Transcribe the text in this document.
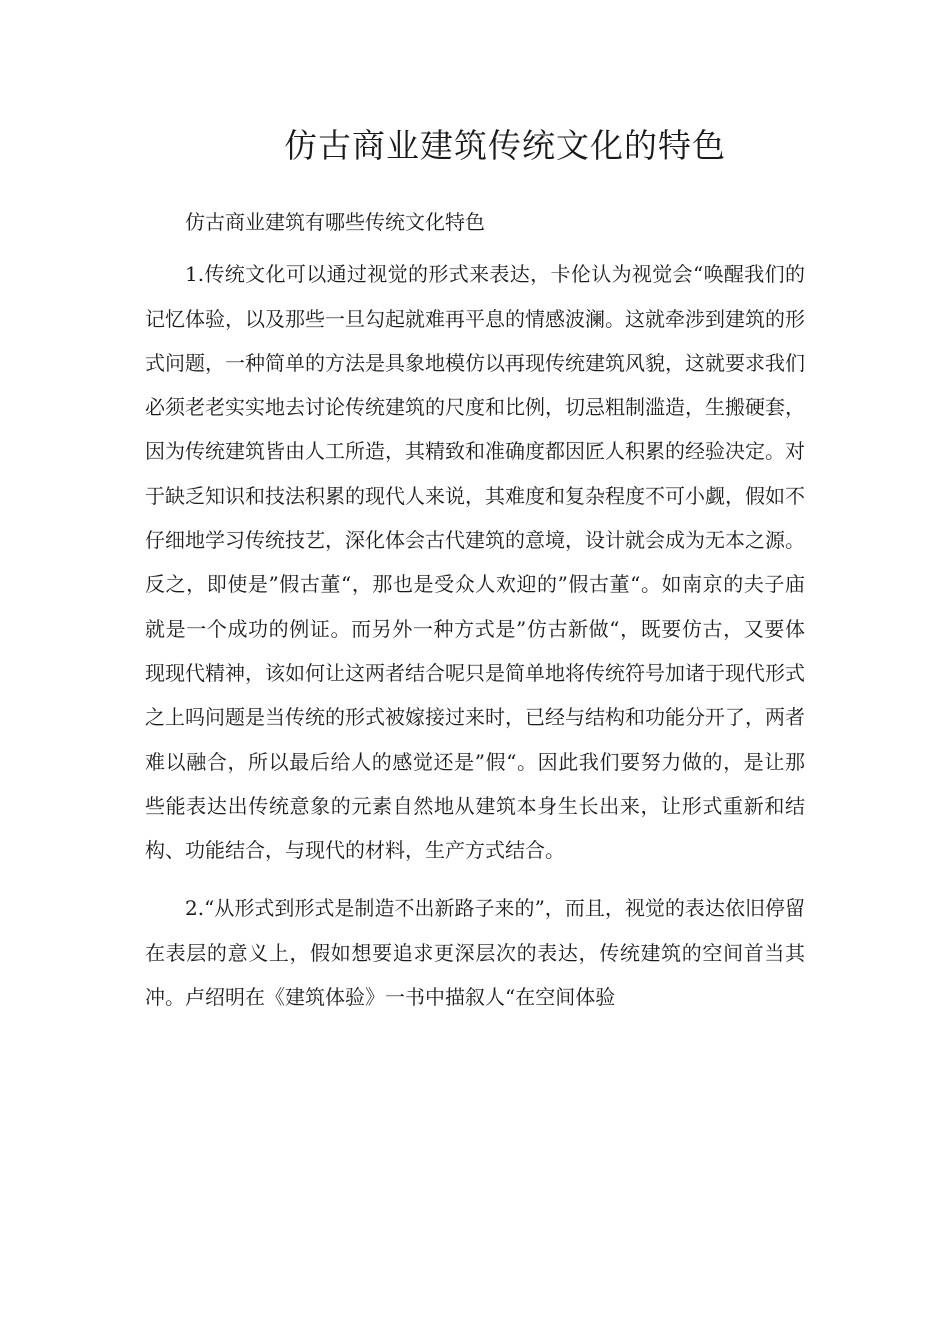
仿古商业建筑传统文化的特色

仿古商业建筑有哪些传统文化特色

1.传统文化可以通过视觉的形式来表达，卡伦认为视觉会“唤醒我们的记忆体验，以及那些一旦勾起就难再平息的情感波澜。这就牵涉到建筑的形式问题，一种简单的方法是具象地模仿以再现传统建筑风貌，这就要求我们必须老老实实地去讨论传统建筑的尺度和比例，切忌粗制滥造，生搬硬套，因为传统建筑皆由人工所造，其精致和准确度都因匠人积累的经验决定。对于缺乏知识和技法积累的现代人来说，其难度和复杂程度不可小觑，假如不仔细地学习传统技艺，深化体会古代建筑的意境，设计就会成为无本之源。反之，即使是”假古董“，那也是受众人欢迎的”假古董“。如南京的夫子庙就是一个成功的例证。而另外一种方式是”仿古新做“，既要仿古，又要体现现代精神，该如何让这两者结合呢只是简单地将传统符号加诸于现代形式之上吗问题是当传统的形式被嫁接过来时，已经与结构和功能分开了，两者难以融合，所以最后给人的感觉还是”假“。因此我们要努力做的，是让那些能表达出传统意象的元素自然地从建筑本身生长出来，让形式重新和结构、功能结合，与现代的材料，生产方式结合。

2.“从形式到形式是制造不出新路子来的”，而且，视觉的表达依旧停留在表层的意义上，假如想要追求更深层次的表达，传统建筑的空间首当其冲。卢绍明在《建筑体验》一书中描叙人“在空间体验
